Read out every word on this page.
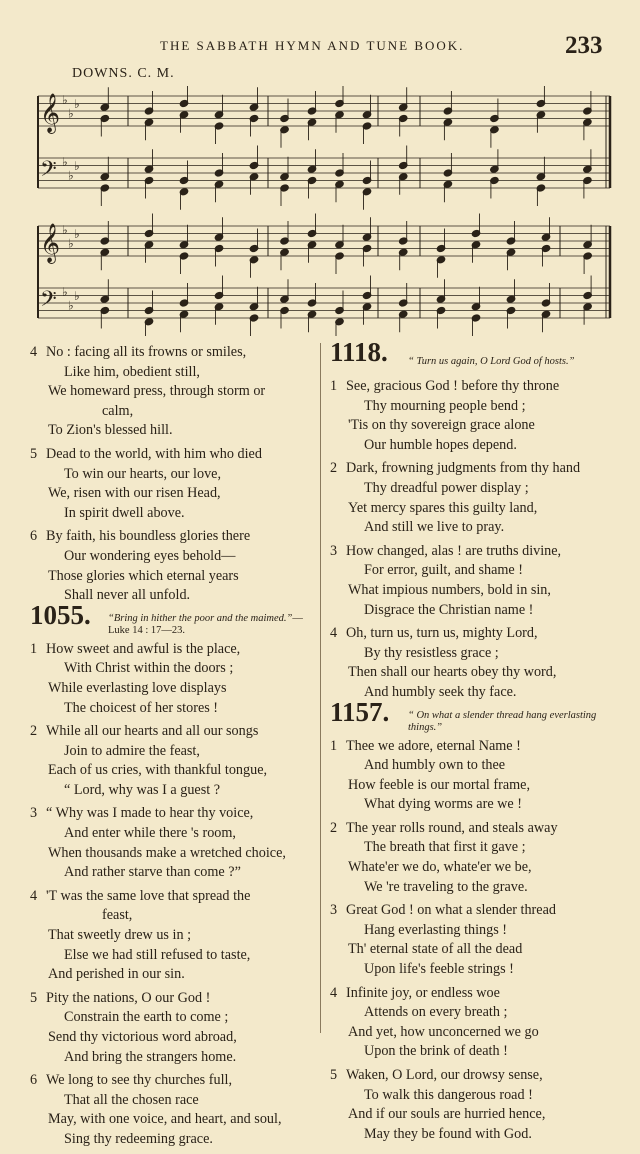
THE SABBATH HYMN AND TUNE BOOK.	233
DOWNS. C. M.
𝄞 ♭
♭
♭
𝄢 ♭
♭
♭
𝄞 ♭
♭
♭
𝄢 ♭
♭
♭
4 No : facing all its frowns or smiles,
Like him, obedient still,
We homeward press, through storm or
calm,
To Zion's blessed hill.
5 Dead to the world, with him who died
To win our hearts, our love,
We, risen with our risen Head,
In spirit dwell above.
6 By faith, his boundless glories there
Our wondering eyes behold—
Those glories which eternal years
Shall never all unfold.
1055. “Bring in hither the poor and the maimed.”—Luke 14 : 17—23.
1 How sweet and awful is the place,
With Christ within the doors ;
While everlasting love displays
The choicest of her stores !
2 While all our hearts and all our songs
Join to admire the feast,
Each of us cries, with thankful tongue,
“ Lord, why was I a guest ?
3 “ Why was I made to hear thy voice,
And enter while there 's room,
When thousands make a wretched choice,
And rather starve than come ?”
4 'T was the same love that spread the
feast,
That sweetly drew us in ;
Else we had still refused to taste,
And perished in our sin.
5 Pity the nations, O our God !
Constrain the earth to come ;
Send thy victorious word abroad,
And bring the strangers home.
6 We long to see thy churches full,
That all the chosen race
May, with one voice, and heart, and soul,
Sing thy redeeming grace.
1118. “ Turn us again, O Lord God of hosts.”
1 See, gracious God ! before thy throne
Thy mourning people bend ;
'Tis on thy sovereign grace alone
Our humble hopes depend.
2 Dark, frowning judgments from thy hand
Thy dreadful power display ;
Yet mercy spares this guilty land,
And still we live to pray.
3 How changed, alas ! are truths divine,
For error, guilt, and shame !
What impious numbers, bold in sin,
Disgrace the Christian name !
4 Oh, turn us, turn us, mighty Lord,
By thy resistless grace ;
Then shall our hearts obey thy word,
And humbly seek thy face.
1157. “ On what a slender thread hang everlasting things.”
1 Thee we adore, eternal Name !
And humbly own to thee
How feeble is our mortal frame,
What dying worms are we !
2 The year rolls round, and steals away
The breath that first it gave ;
Whate'er we do, whate'er we be,
We 're traveling to the grave.
3 Great God ! on what a slender thread
Hang everlasting things !
Th' eternal state of all the dead
Upon life's feeble strings !
4 Infinite joy, or endless woe
Attends on every breath ;
And yet, how unconcerned we go
Upon the brink of death !
5 Waken, O Lord, our drowsy sense,
To walk this dangerous road !
And if our souls are hurried hence,
May they be found with God.
